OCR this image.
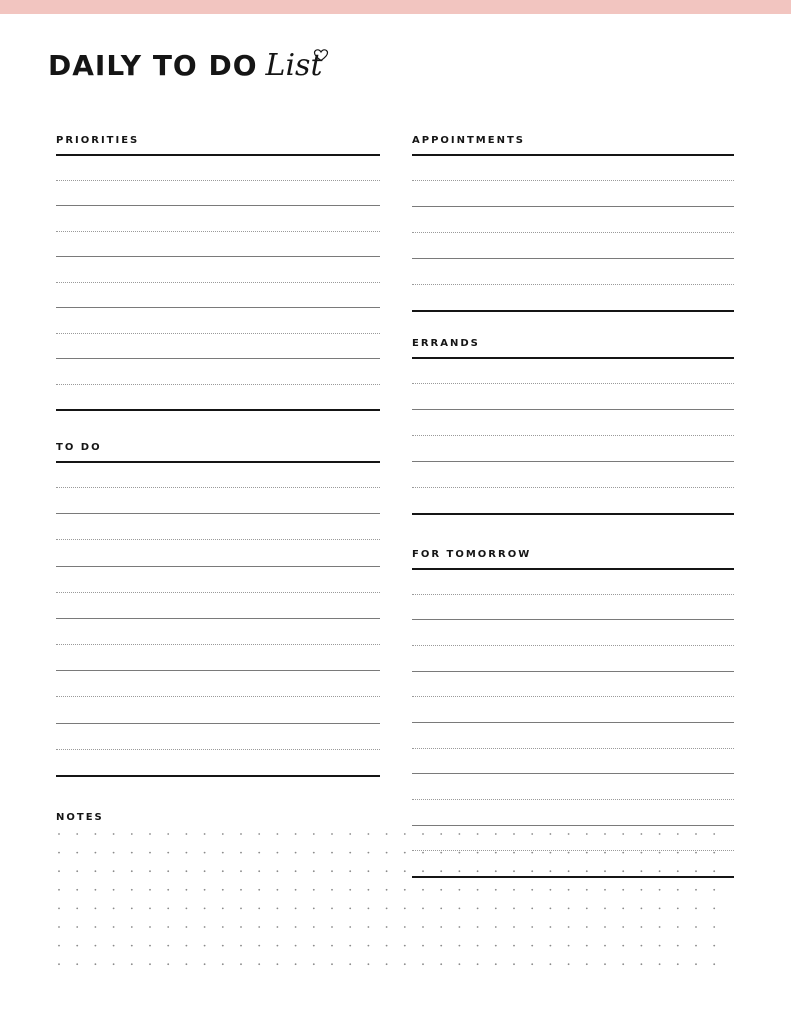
DAILY TO DO List
PRIORITIES	APPOINTMENTS
ERRANDS
TO DO
FOR TOMORROW
NOTES
